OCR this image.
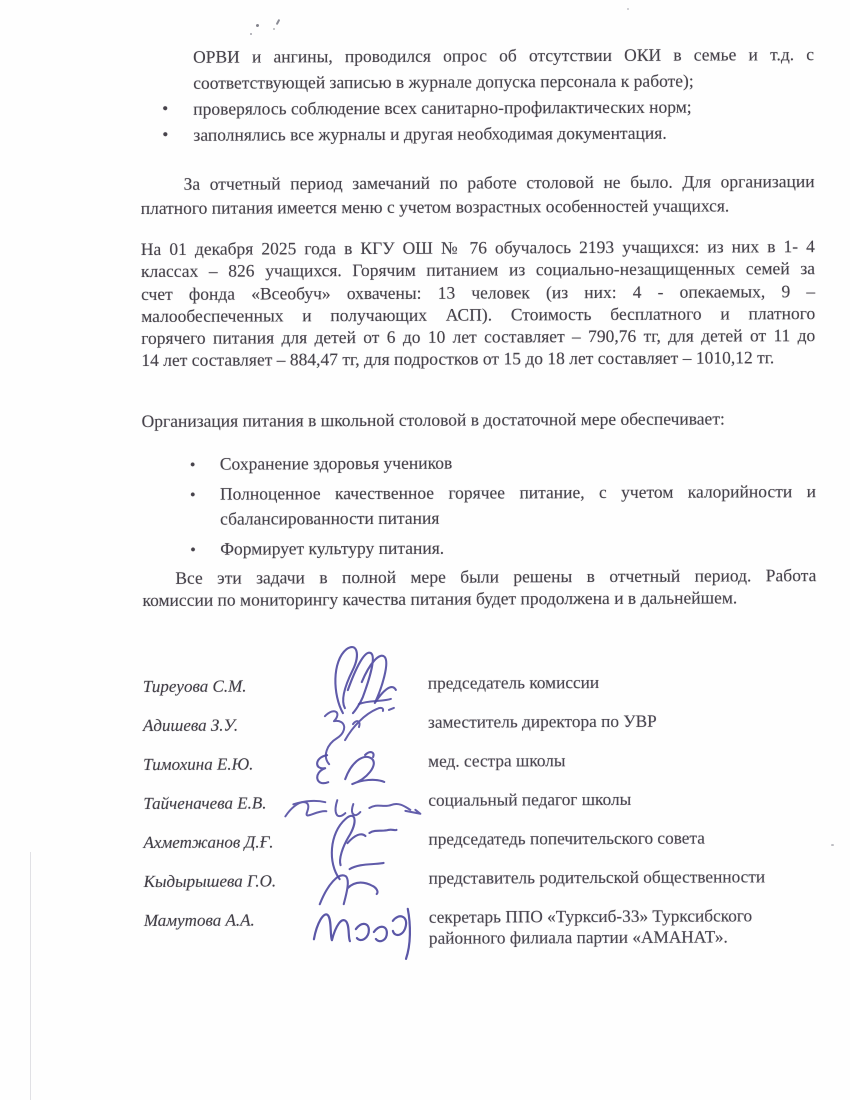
ОРВИ и ангины, проводился опрос об отсутствии ОКИ в семье и т.д. с
соответствующей записью в журнале допуска персонала к работе);
• проверялось соблюдение всех санитарно-профилактических норм;
• заполнялись все журналы и другая необходимая документация.
За отчетный период замечаний по работе столовой не было. Для организации
платного питания имеется меню с учетом возрастных особенностей учащихся.
На 01 декабря 2025 года в КГУ ОШ № 76 обучалось 2193 учащихся: из них в 1- 4
классах – 826 учащихся. Горячим питанием из социально-незащищенных семей за
счет фонда «Всеобуч» охвачены: 13 человек (из них: 4 - опекаемых, 9 –
малообеспеченных и получающих АСП). Стоимость бесплатного и платного
горячего питания для детей от 6 до 10 лет составляет – 790,76 тг, для детей от 11 до
14 лет составляет – 884,47 тг, для подростков от 15 до 18 лет составляет – 1010,12 тг.
Организация питания в школьной столовой в достаточной мере обеспечивает:
• Сохранение здоровья учеников
• Полноценное качественное горячее питание, с учетом калорийности и
сбалансированности питания
• Формирует культуру питания.
Все эти задачи в полной мере были решены в отчетный период. Работа
комиссии по мониторингу качества питания будет продолжена и в дальнейшем.
Тиреуова С.М.	председатель комиссии
Адишева З.У.	заместитель директора по УВР
Тимохина Е.Ю.	мед. сестра школы
Тайченачева Е.В.	социальный педагог школы
Ахметжанов Д.Ғ.	председатедь попечительского совета
Кыдырышева Г.О.	представитель родительской общественности
Мамутова А.А.	секретарь ППО «Турксиб-33» Турксибского
районного филиала партии «АМАНАТ».
